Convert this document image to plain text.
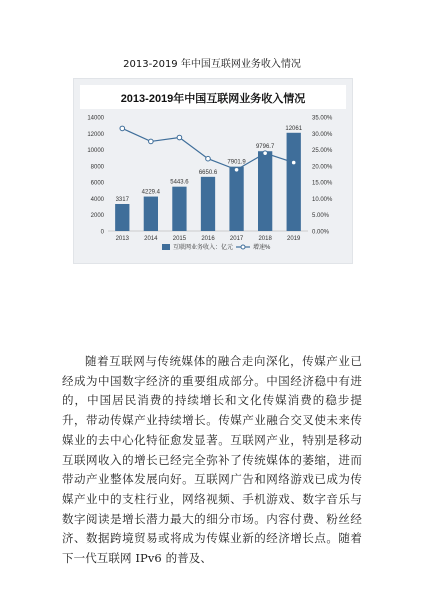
2013-2019 年中国互联网业务收入情况
2013-2019年中国互联网业务收入情况
0
2000
4000
6000
8000
10000
12000
14000
0.00%
5.00%
10.00%
15.00%
20.00%
25.00%
30.00%
35.00%
3317
2013
4229.4
2014
5443.6
2015
6650.6
2016
7901.9
2017
9796.7
2018
12061
2019
互联网业务收入：亿元	增速%

随着互联网与传统媒体的融合走向深化，传媒产业已经成为中国数字经济的重要组成部分。中国经济稳中有进的，中国居民消费的持续增长和文化传媒消费的稳步提升，带动传媒产业持续增长。传媒产业融合交叉使未来传媒业的去中心化特征愈发显著。互联网产业，特别是移动互联网收入的增长已经完全弥补了传统媒体的萎缩，进而带动产业整体发展向好。互联网广告和网络游戏已成为传媒产业中的支柱行业，网络视频、手机游戏、数字音乐与数字阅读是增长潜力最大的细分市场。内容付费、粉丝经济、数据跨境贸易或将成为传媒业新的经济增长点。随着下一代互联网 IPv6 的普及、
